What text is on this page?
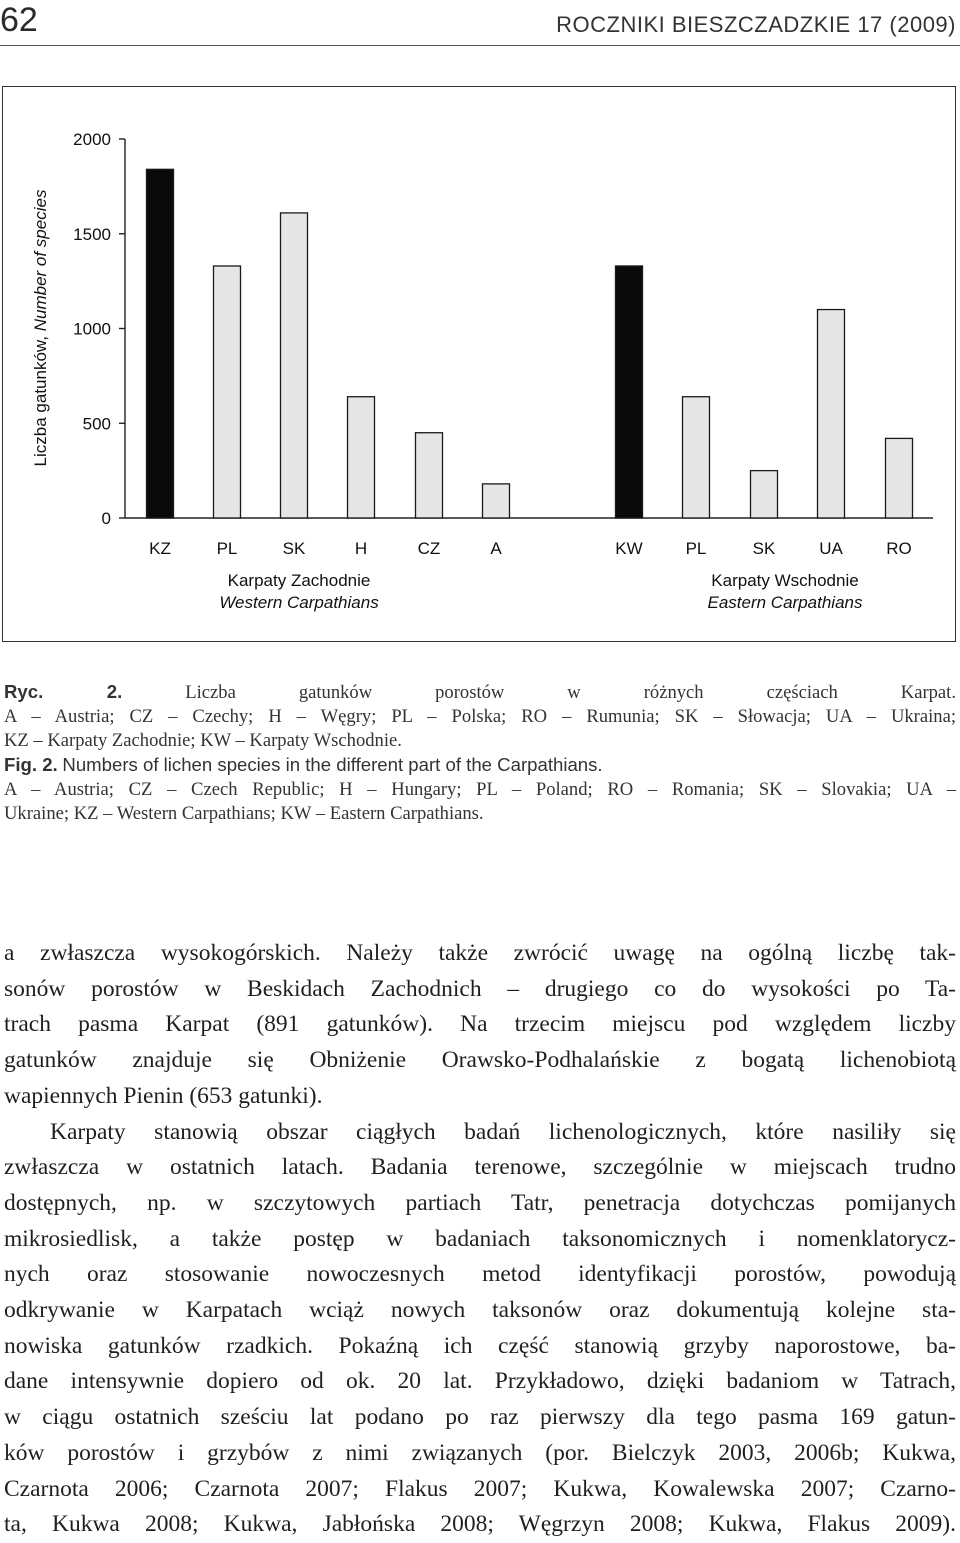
62	ROCZNIKI BIESZCZADZKIE 17 (2009)
0
500
1000
1500
2000
Liczba gatunków, Number of species
KZ	PL	SK	H	CZ	A
Karpaty Zachodnie
Western Carpathians
KW	PL	SK	UA	RO
Karpaty Wschodnie
Eastern Carpathians

Ryc. 2.	Liczba gatunków porostów w różnych częściach Karpat.

A – Austria; CZ – Czechy; H – Węgry; PL – Polska; RO – Rumunia; SK – Słowacja; UA – Ukraina;

KZ – Karpaty Zachodnie; KW – Karpaty Wschodnie.

Fig. 2. Numbers of lichen species in the different part of the Carpathians.

A – Austria; CZ – Czech Republic; H – Hungary; PL – Poland; RO – Romania; SK – Slovakia; UA –

Ukraine; KZ – Western Carpathians; KW – Eastern Carpathians.

a zwłaszcza wysokogórskich. Należy także zwrócić uwagę na ogólną liczbę tak-
sonów porostów w Beskidach Zachodnich – drugiego co do wysokości po Ta-
trach pasma Karpat (891 gatunków). Na trzecim miejscu pod względem liczby
gatunków znajduje się Obniżenie Orawsko-Podhalańskie z bogatą lichenobiotą
wapiennych Pienin (653 gatunki).
Karpaty stanowią obszar ciągłych badań lichenologicznych, które nasiliły się
zwłaszcza w ostatnich latach. Badania terenowe, szczególnie w miejscach trudno
dostępnych, np. w szczytowych partiach Tatr, penetracja dotychczas pomijanych
mikrosiedlisk, a także postęp w badaniach taksonomicznych i nomenklatorycz-
nych oraz stosowanie nowoczesnych metod identyfikacji porostów, powodują
odkrywanie w Karpatach wciąż nowych taksonów oraz dokumentują kolejne sta-
nowiska gatunków rzadkich. Pokaźną ich część stanowią grzyby naporostowe, ba-
dane intensywnie dopiero od ok. 20 lat. Przykładowo, dzięki badaniom w Tatrach,
w ciągu ostatnich sześciu lat podano po raz pierwszy dla tego pasma 169 gatun-
ków porostów i grzybów z nimi związanych (por. Bielczyk 2003, 2006b; Kukwa,
Czarnota 2006; Czarnota 2007; Flakus 2007; Kukwa, Kowalewska 2007; Czarno-
ta, Kukwa 2008; Kukwa, Jabłońska 2008; Węgrzyn 2008; Kukwa, Flakus 2009).
